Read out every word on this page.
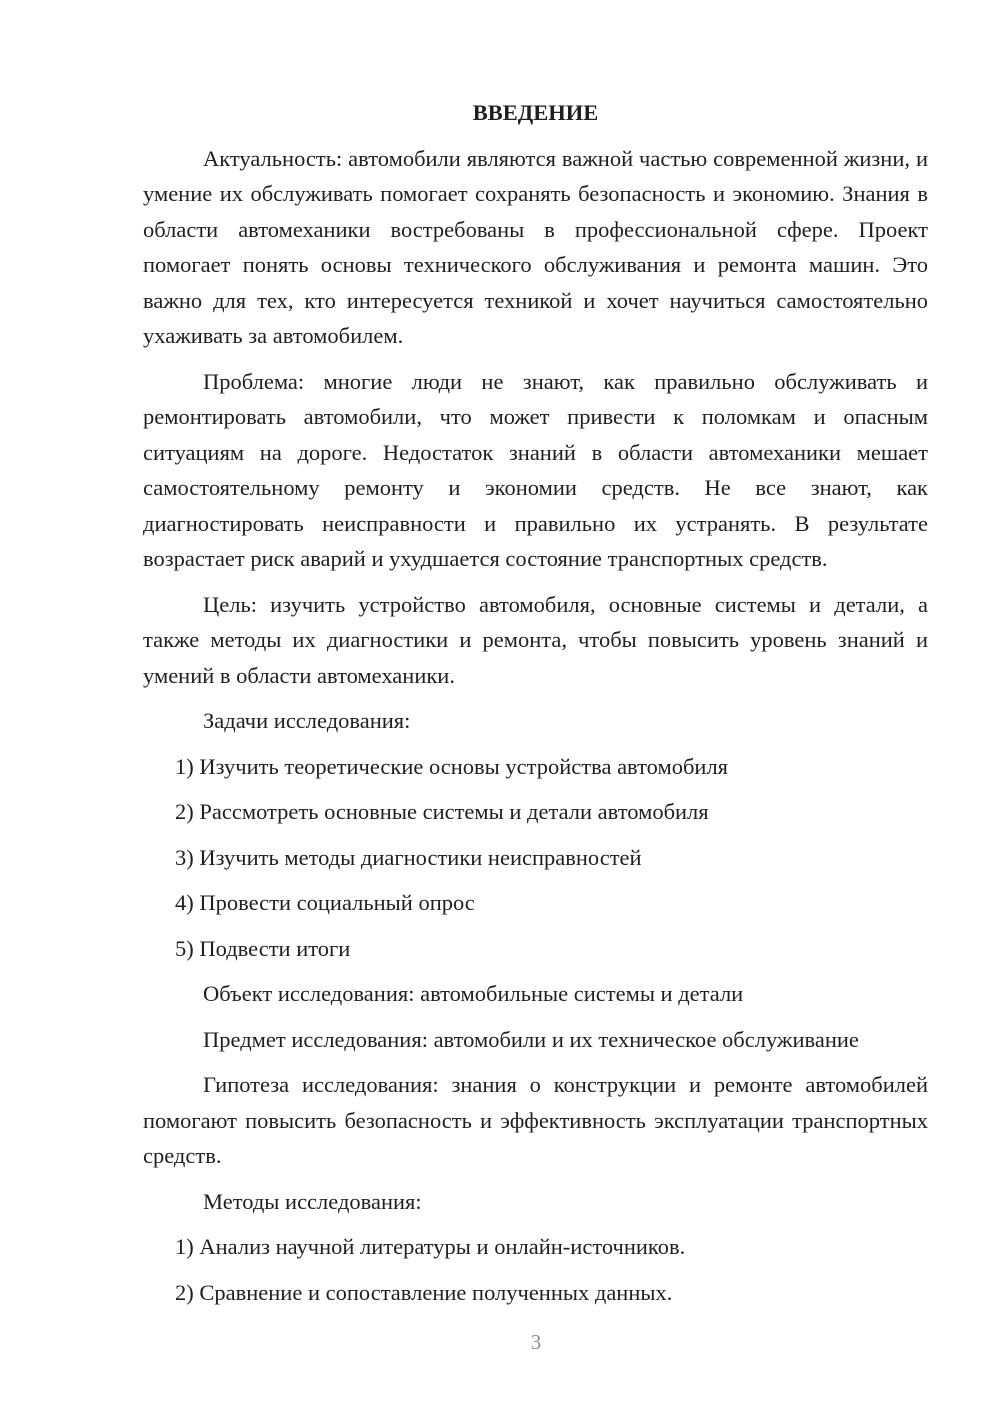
ВВЕДЕНИЕ

Актуальность: автомобили являются важной частью современной жизни, и умение их обслуживать помогает сохранять безопасность и экономию. Знания в области автомеханики востребованы в профессиональной сфере. Проект помогает понять основы технического обслуживания и ремонта машин. Это важно для тех, кто интересуется техникой и хочет научиться самостоятельно ухаживать за автомобилем.

Проблема: многие люди не знают, как правильно обслуживать и ремонтировать автомобили, что может привести к поломкам и опасным ситуациям на дороге. Недостаток знаний в области автомеханики мешает самостоятельному ремонту и экономии средств. Не все знают, как диагностировать неисправности и правильно их устранять. В результате возрастает риск аварий и ухудшается состояние транспортных средств.

Цель: изучить устройство автомобиля, основные системы и детали, а также методы их диагностики и ремонта, чтобы повысить уровень знаний и умений в области автомеханики.

Задачи исследования:
1) Изучить теоретические основы устройства автомобиля
2) Рассмотреть основные системы и детали автомобиля
3) Изучить методы диагностики неисправностей
4) Провести социальный опрос
5) Подвести итоги
Объект исследования: автомобильные системы и детали
Предмет исследования: автомобили и их техническое обслуживание

Гипотеза исследования: знания о конструкции и ремонте автомобилей помогают повысить безопасность и эффективность эксплуатации транспортных средств.

Методы исследования:
1) Анализ научной литературы и онлайн-источников.
2) Сравнение и сопоставление полученных данных.
3
